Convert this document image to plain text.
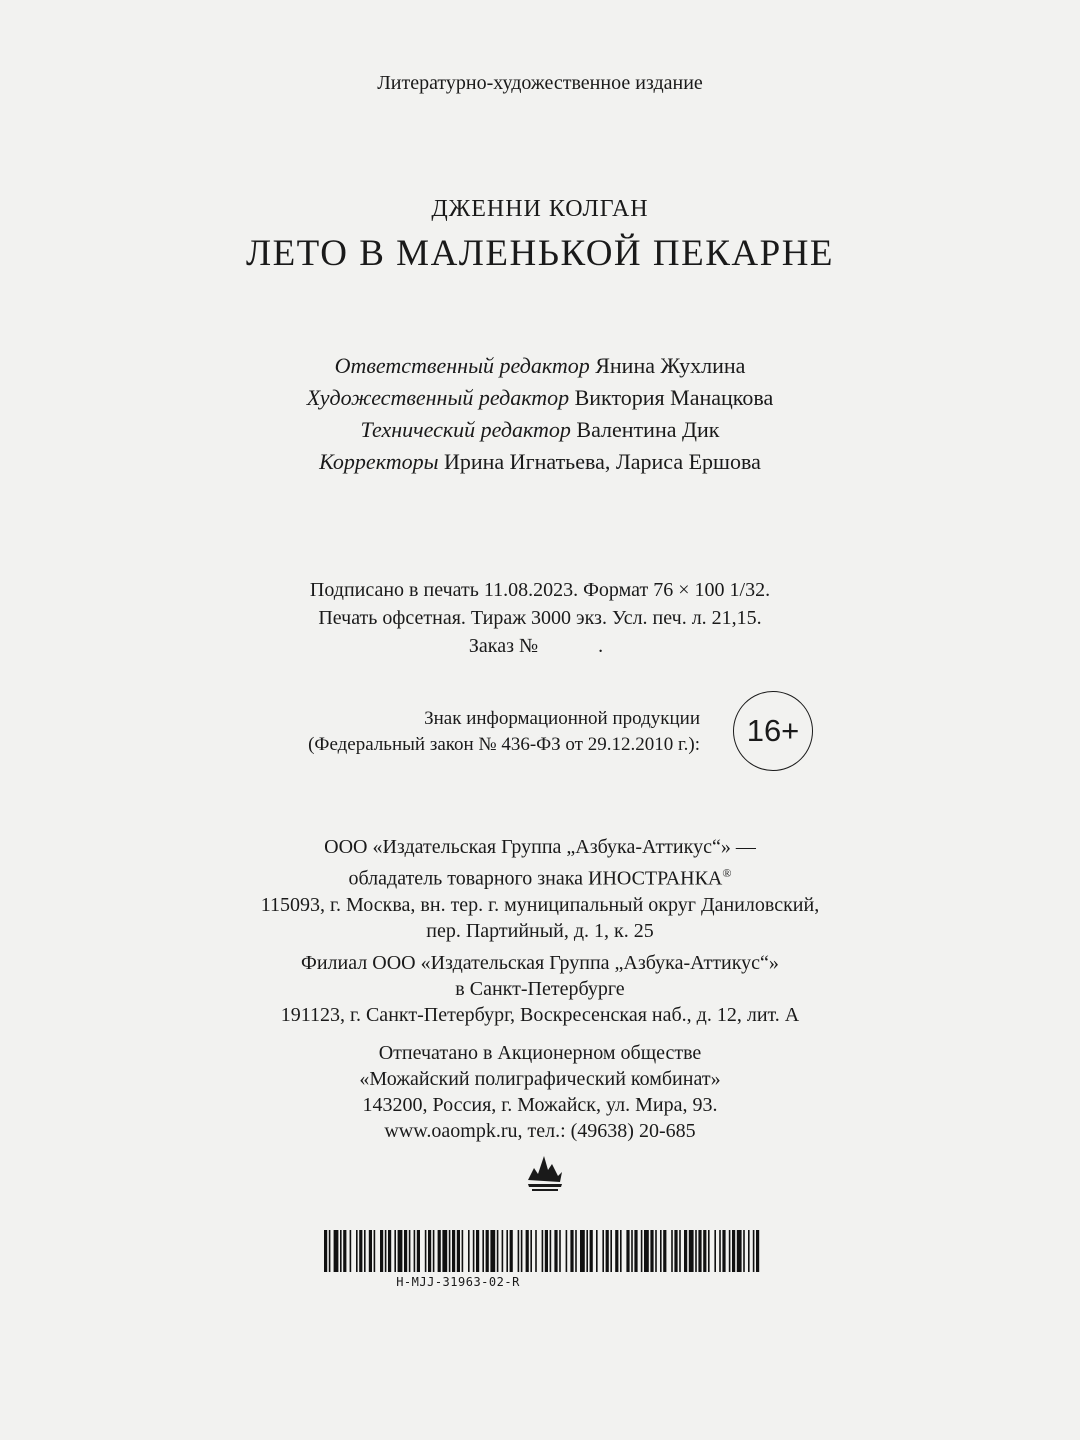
Литературно-художественное издание
ДЖЕННИ КОЛГАН
ЛЕТО В МАЛЕНЬКОЙ ПЕКАРНЕ
Ответственный редактор Янина Жухлина
Художественный редактор Виктория Манацкова
Технический редактор Валентина Дик
Корректоры Ирина Игнатьева, Лариса Ершова
Подписано в печать 11.08.2023. Формат 76 × 100 1/32.
Печать офсетная. Тираж 3000 экз. Усл. печ. л. 21,15.
Заказ №	.
Знак информационной продукции
(Федеральный закон № 436-ФЗ от 29.12.2010 г.):	16+
ООО «Издательская Группа „Азбука-Аттикус“» —
обладатель товарного знака ИНОСТРАНКА®
115093, г. Москва, вн. тер. г. муниципальный округ Даниловский,
пер. Партийный, д. 1, к. 25
Филиал ООО «Издательская Группа „Азбука-Аттикус“»
в Санкт-Петербурге
191123, г. Санкт-Петербург, Воскресенская наб., д. 12, лит. А
Отпечатано в Акционерном обществе
«Можайский полиграфический комбинат»
143200, Россия, г. Можайск, ул. Мира, 93.
www.oaompk.ru, тел.: (49638) 20-685
H-MJJ-31963-02-R
